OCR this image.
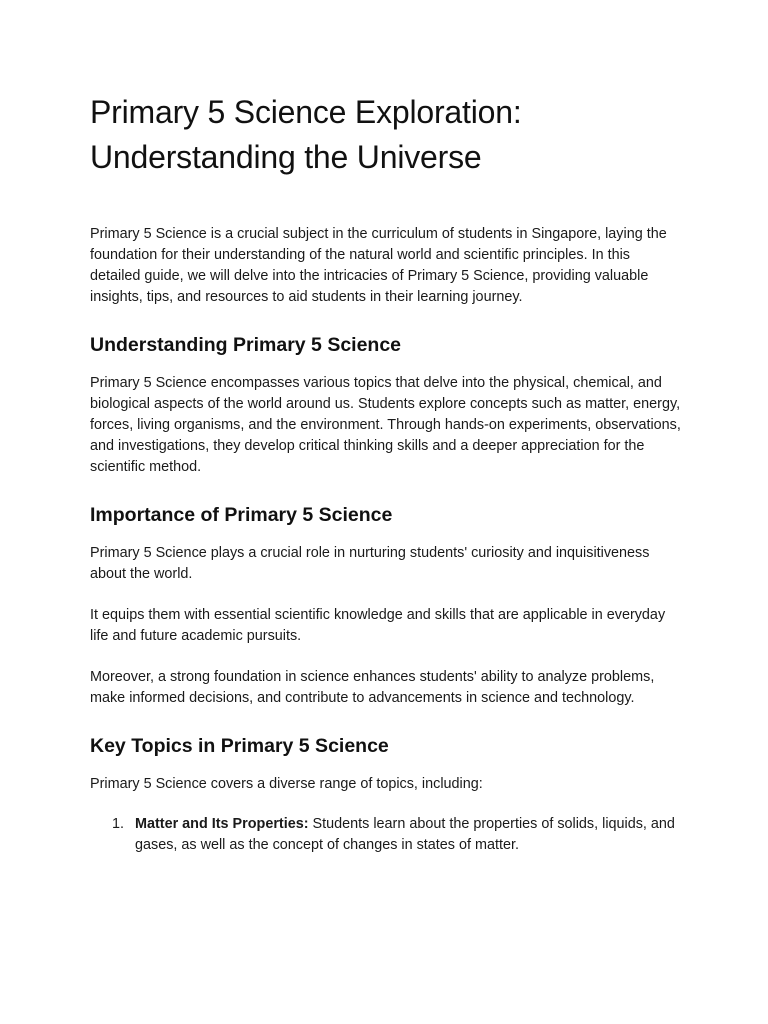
Primary 5 Science Exploration:
Understanding the Universe

Primary 5 Science is a crucial subject in the curriculum of students in Singapore, laying the foundation for their understanding of the natural world and scientific principles. In this detailed guide, we will delve into the intricacies of Primary 5 Science, providing valuable insights, tips, and resources to aid students in their learning journey.

Understanding Primary 5 Science

Primary 5 Science encompasses various topics that delve into the physical, chemical, and biological aspects of the world around us. Students explore concepts such as matter, energy, forces, living organisms, and the environment. Through hands-on experiments, observations, and investigations, they develop critical thinking skills and a deeper appreciation for the scientific method.

Importance of Primary 5 Science

Primary 5 Science plays a crucial role in nurturing students' curiosity and inquisitiveness about the world.

It equips them with essential scientific knowledge and skills that are applicable in everyday life and future academic pursuits.

Moreover, a strong foundation in science enhances students' ability to analyze problems, make informed decisions, and contribute to advancements in science and technology.

Key Topics in Primary 5 Science

Primary 5 Science covers a diverse range of topics, including:

1. Matter and Its Properties: Students learn about the properties of solids, liquids, and gases, as well as the concept of changes in states of matter.
